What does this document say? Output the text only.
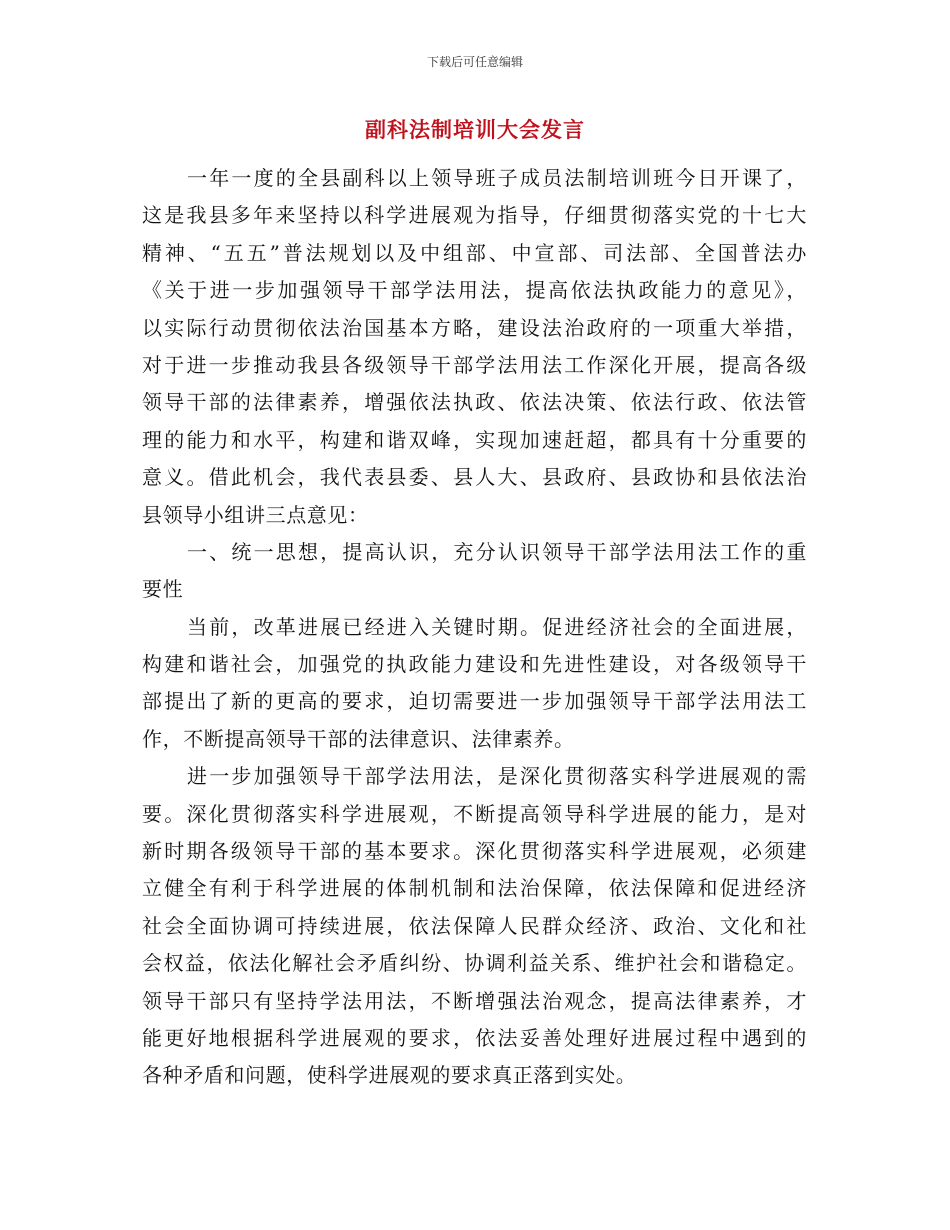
下载后可任意编辑
副科法制培训大会发言
一年一度的全县副科以上领导班子成员法制培训班今日开课了，
这是我县多年来坚持以科学进展观为指导，仔细贯彻落实党的十七大
精神、“五五”普法规划以及中组部、中宣部、司法部、全国普法办
《关于进一步加强领导干部学法用法，提高依法执政能力的意见》，
以实际行动贯彻依法治国基本方略，建设法治政府的一项重大举措，
对于进一步推动我县各级领导干部学法用法工作深化开展，提高各级
领导干部的法律素养，增强依法执政、依法决策、依法行政、依法管
理的能力和水平，构建和谐双峰，实现加速赶超，都具有十分重要的
意义。借此机会，我代表县委、县人大、县政府、县政协和县依法治
县领导小组讲三点意见：
一、统一思想，提高认识，充分认识领导干部学法用法工作的重
要性
当前，改革进展已经进入关键时期。促进经济社会的全面进展，
构建和谐社会，加强党的执政能力建设和先进性建设，对各级领导干
部提出了新的更高的要求，迫切需要进一步加强领导干部学法用法工
作，不断提高领导干部的法律意识、法律素养。
进一步加强领导干部学法用法，是深化贯彻落实科学进展观的需
要。深化贯彻落实科学进展观，不断提高领导科学进展的能力，是对
新时期各级领导干部的基本要求。深化贯彻落实科学进展观，必须建
立健全有利于科学进展的体制机制和法治保障，依法保障和促进经济
社会全面协调可持续进展，依法保障人民群众经济、政治、文化和社
会权益，依法化解社会矛盾纠纷、协调利益关系、维护社会和谐稳定。
领导干部只有坚持学法用法，不断增强法治观念，提高法律素养，才
能更好地根据科学进展观的要求，依法妥善处理好进展过程中遇到的
各种矛盾和问题，使科学进展观的要求真正落到实处。
